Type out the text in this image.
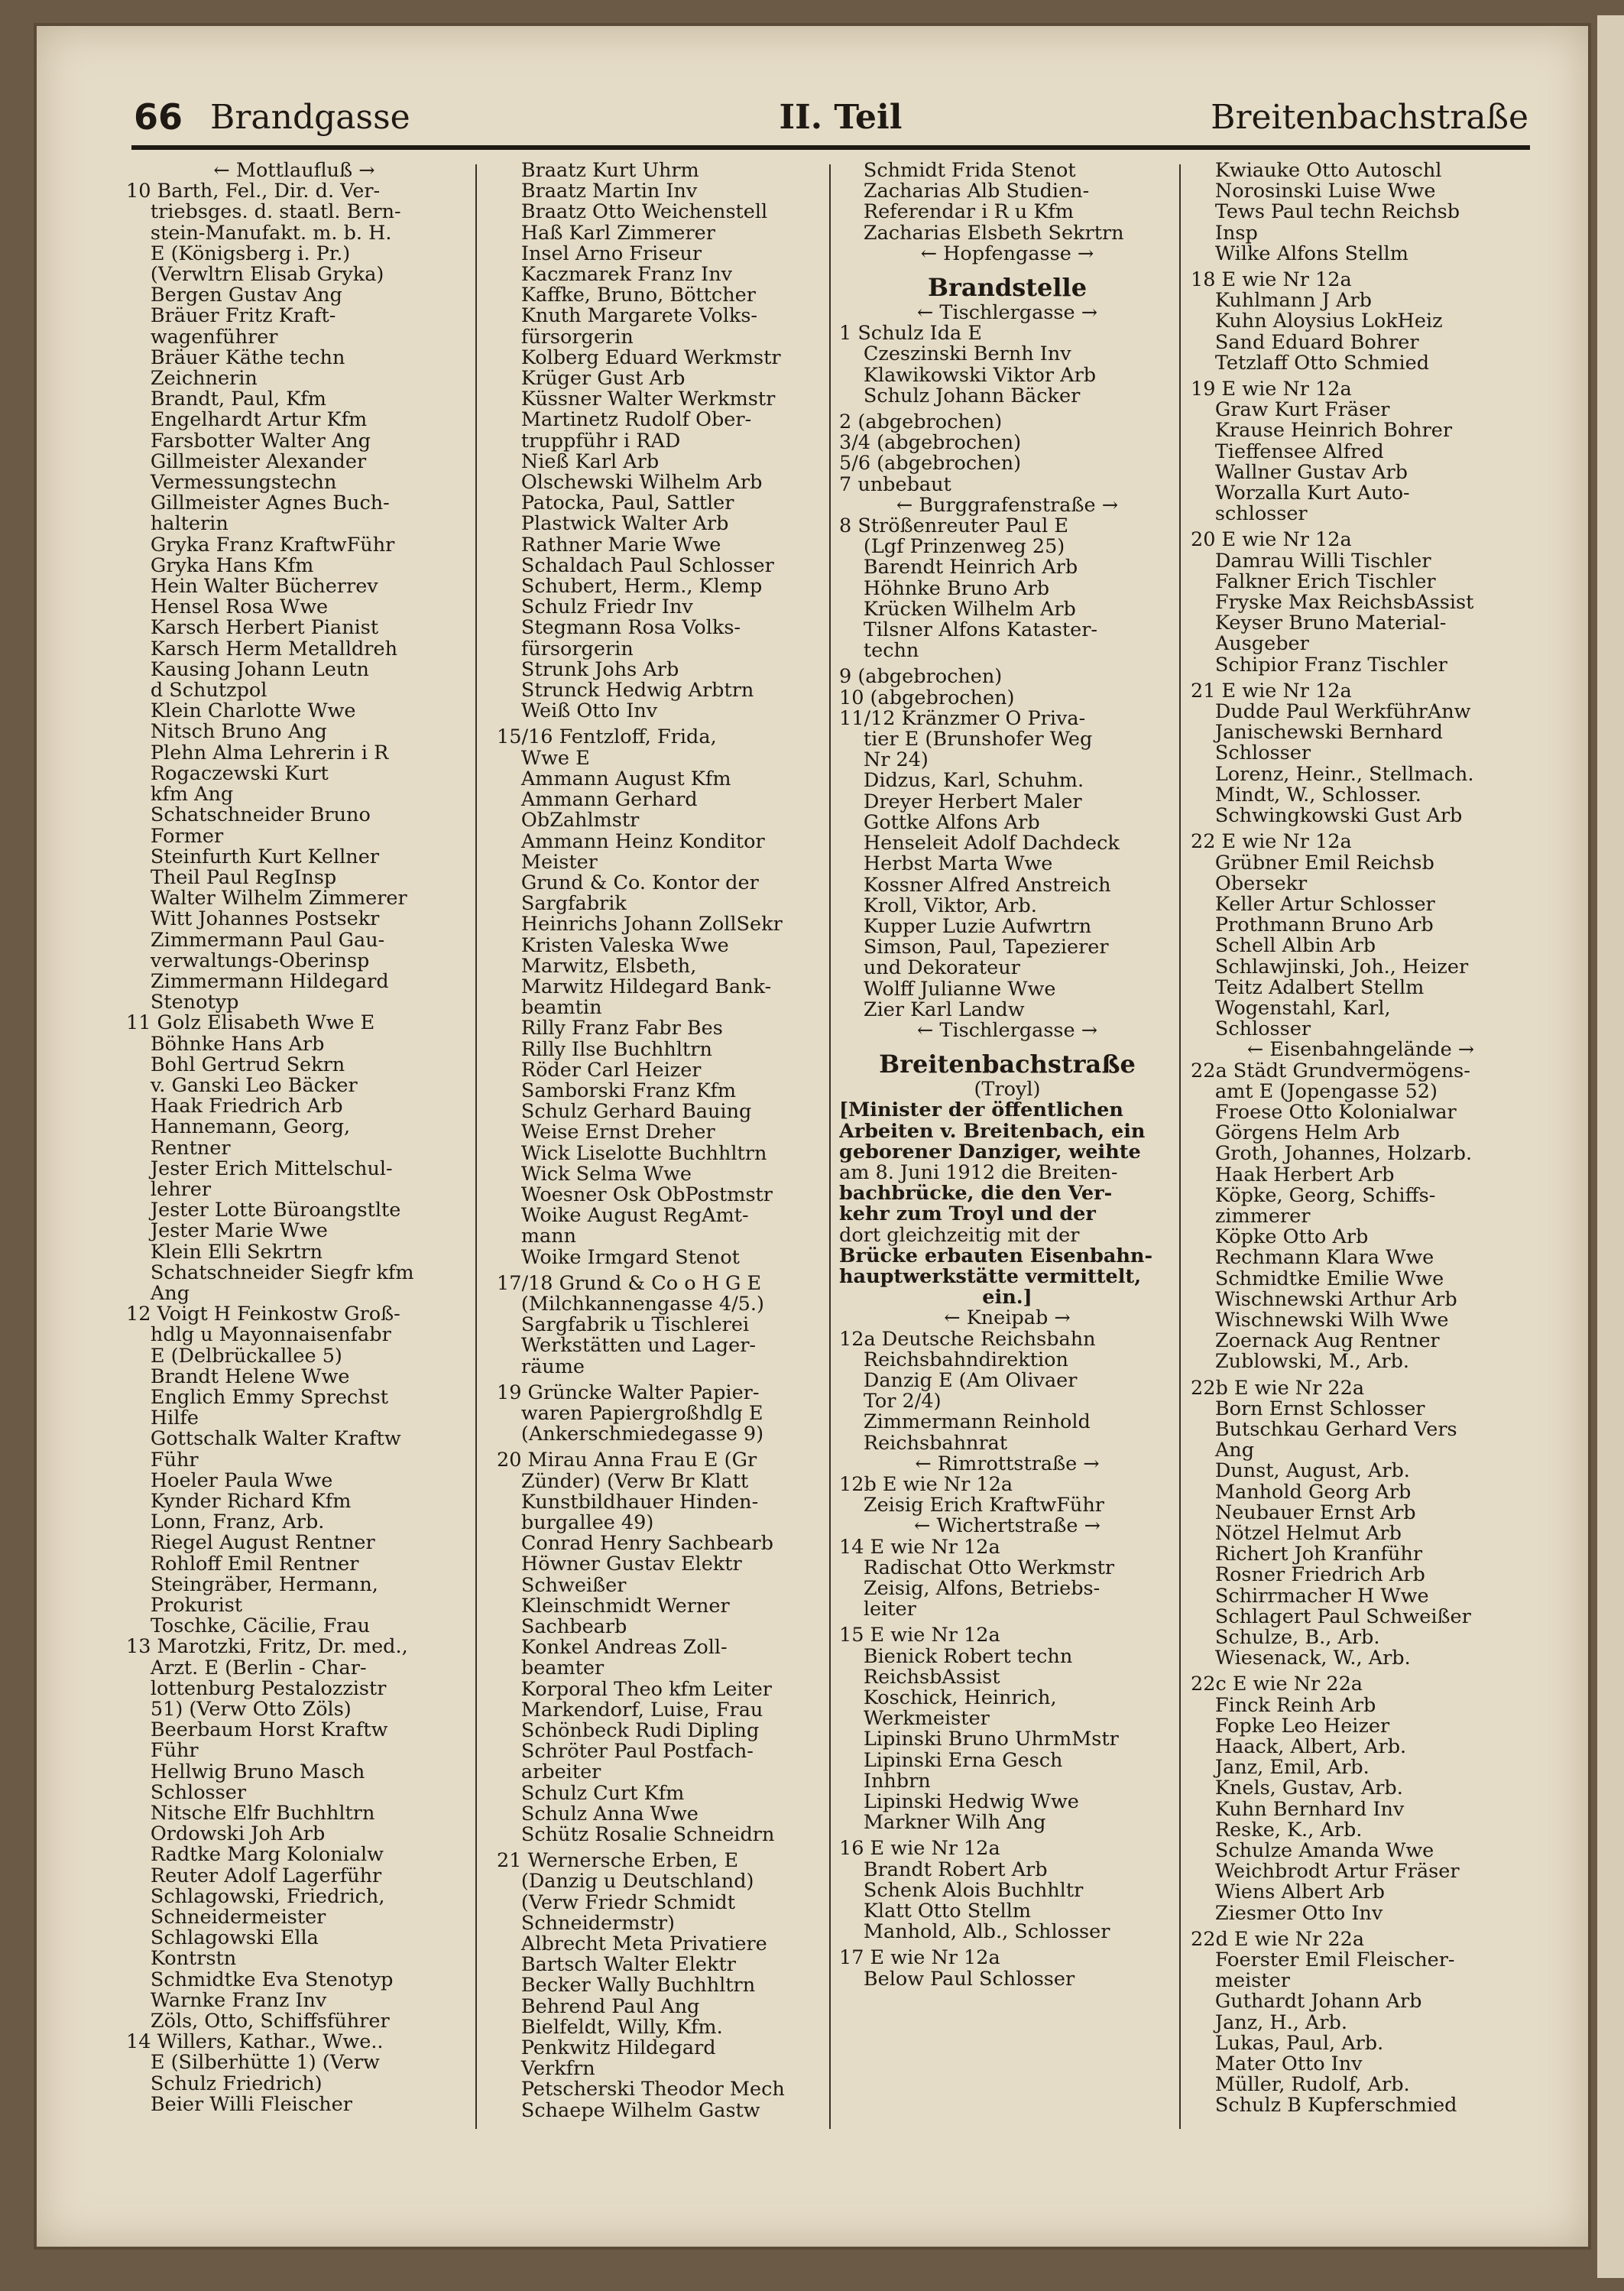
66 Brandgasse	II. Teil	Breitenbachstraße
← Mottlaufluß →
10 Barth, Fel., Dir. d. Ver-
triebsges. d. staatl. Bern-
stein-Manufakt. m. b. H.
E (Königsberg i. Pr.)
(Verwltrn Elisab Gryka)
Bergen Gustav Ang
Bräuer Fritz Kraft-
wagenführer
Bräuer Käthe techn
Zeichnerin
Brandt, Paul, Kfm
Engelhardt Artur Kfm
Farsbotter Walter Ang
Gillmeister Alexander
Vermessungstechn
Gillmeister Agnes Buch-
halterin
Gryka Franz KraftwFühr
Gryka Hans Kfm
Hein Walter Bücherrev
Hensel Rosa Wwe
Karsch Herbert Pianist
Karsch Herm Metalldreh
Kausing Johann Leutn
d Schutzpol
Klein Charlotte Wwe
Nitsch Bruno Ang
Plehn Alma Lehrerin i R
Rogaczewski Kurt
kfm Ang
Schatschneider Bruno
Former
Steinfurth Kurt Kellner
Theil Paul RegInsp
Walter Wilhelm Zimmerer
Witt Johannes Postsekr
Zimmermann Paul Gau-
verwaltungs-Oberinsp
Zimmermann Hildegard
Stenotyp
11 Golz Elisabeth Wwe E
Böhnke Hans Arb
Bohl Gertrud Sekrn
v. Ganski Leo Bäcker
Haak Friedrich Arb
Hannemann, Georg,
Rentner
Jester Erich Mittelschul-
lehrer
Jester Lotte Büroangstlte
Jester Marie Wwe
Klein Elli Sekrtrn
Schatschneider Siegfr kfm
Ang
12 Voigt H Feinkostw Groß-
hdlg u Mayonnaisenfabr
E (Delbrückallee 5)
Brandt Helene Wwe
Englich Emmy Sprechst
Hilfe
Gottschalk Walter Kraftw
Führ
Hoeler Paula Wwe
Kynder Richard Kfm
Lonn, Franz, Arb.
Riegel August Rentner
Rohloff Emil Rentner
Steingräber, Hermann,
Prokurist
Toschke, Cäcilie, Frau
13 Marotzki, Fritz, Dr. med.,
Arzt. E (Berlin - Char-
lottenburg Pestalozzistr
51) (Verw Otto Zöls)
Beerbaum Horst Kraftw
Führ
Hellwig Bruno Masch
Schlosser
Nitsche Elfr Buchhltrn
Ordowski Joh Arb
Radtke Marg Kolonialw
Reuter Adolf Lagerführ
Schlagowski, Friedrich,
Schneidermeister
Schlagowski Ella
Kontrstn
Schmidtke Eva Stenotyp
Warnke Franz Inv
Zöls, Otto, Schiffsführer
14 Willers, Kathar., Wwe..
E (Silberhütte 1) (Verw
Schulz Friedrich)
Beier Willi Fleischer
Braatz Kurt Uhrm
Braatz Martin Inv
Braatz Otto Weichenstell
Haß Karl Zimmerer
Insel Arno Friseur
Kaczmarek Franz Inv
Kaffke, Bruno, Böttcher
Knuth Margarete Volks-
fürsorgerin
Kolberg Eduard Werkmstr
Krüger Gust Arb
Küssner Walter Werkmstr
Martinetz Rudolf Ober-
truppführ i RAD
Nieß Karl Arb
Olschewski Wilhelm Arb
Patocka, Paul, Sattler
Plastwick Walter Arb
Rathner Marie Wwe
Schaldach Paul Schlosser
Schubert, Herm., Klemp
Schulz Friedr Inv
Stegmann Rosa Volks-
fürsorgerin
Strunk Johs Arb
Strunck Hedwig Arbtrn
Weiß Otto Inv
15/16 Fentzloff, Frida,
Wwe E
Ammann August Kfm
Ammann Gerhard
ObZahlmstr
Ammann Heinz Konditor
Meister
Grund & Co. Kontor der
Sargfabrik
Heinrichs Johann ZollSekr
Kristen Valeska Wwe
Marwitz, Elsbeth,
Marwitz Hildegard Bank-
beamtin
Rilly Franz Fabr Bes
Rilly Ilse Buchhltrn
Röder Carl Heizer
Samborski Franz Kfm
Schulz Gerhard Bauing
Weise Ernst Dreher
Wick Liselotte Buchhltrn
Wick Selma Wwe
Woesner Osk ObPostmstr
Woike August RegAmt-
mann
Woike Irmgard Stenot
17/18 Grund & Co o H G E
(Milchkannengasse 4/5.)
Sargfabrik u Tischlerei
Werkstätten und Lager-
räume
19 Grüncke Walter Papier-
waren Papiergroßhdlg E
(Ankerschmiedegasse 9)
20 Mirau Anna Frau E (Gr
Zünder) (Verw Br Klatt
Kunstbildhauer Hinden-
burgallee 49)
Conrad Henry Sachbearb
Höwner Gustav Elektr
Schweißer
Kleinschmidt Werner
Sachbearb
Konkel Andreas Zoll-
beamter
Korporal Theo kfm Leiter
Markendorf, Luise, Frau
Schönbeck Rudi Dipling
Schröter Paul Postfach-
arbeiter
Schulz Curt Kfm
Schulz Anna Wwe
Schütz Rosalie Schneidrn
21 Wernersche Erben, E
(Danzig u Deutschland)
(Verw Friedr Schmidt
Schneidermstr)
Albrecht Meta Privatiere
Bartsch Walter Elektr
Becker Wally Buchhltrn
Behrend Paul Ang
Bielfeldt, Willy, Kfm.
Penkwitz Hildegard
Verkfrn
Petscherski Theodor Mech
Schaepe Wilhelm Gastw
Schmidt Frida Stenot
Zacharias Alb Studien-
Referendar i R u Kfm
Zacharias Elsbeth Sekrtrn
← Hopfengasse →
Brandstelle
← Tischlergasse →
1 Schulz Ida E
Czeszinski Bernh Inv
Klawikowski Viktor Arb
Schulz Johann Bäcker
2 (abgebrochen)
3/4 (abgebrochen)
5/6 (abgebrochen)
7 unbebaut
← Burggrafenstraße →
8 Strößenreuter Paul E
(Lgf Prinzenweg 25)
Barendt Heinrich Arb
Höhnke Bruno Arb
Krücken Wilhelm Arb
Tilsner Alfons Kataster-
techn
9 (abgebrochen)
10 (abgebrochen)
11/12 Kränzmer O Priva-
tier E (Brunshofer Weg
Nr 24)
Didzus, Karl, Schuhm.
Dreyer Herbert Maler
Gottke Alfons Arb
Henseleit Adolf Dachdeck
Herbst Marta Wwe
Kossner Alfred Anstreich
Kroll, Viktor, Arb.
Kupper Luzie Aufwrtrn
Simson, Paul, Tapezierer
und Dekorateur
Wolff Julianne Wwe
Zier Karl Landw
← Tischlergasse →
Breitenbachstraße
(Troyl)
[Minister der öffentlichen
Arbeiten v. Breitenbach, ein
geborener Danziger, weihte
am 8. Juni 1912 die Breiten-
bachbrücke, die den Ver-
kehr zum Troyl und der
dort gleichzeitig mit der
Brücke erbauten Eisenbahn-
hauptwerkstätte vermittelt,
ein.]
← Kneipab →
12a Deutsche Reichsbahn
Reichsbahndirektion
Danzig E (Am Olivaer
Tor 2/4)
Zimmermann Reinhold
Reichsbahnrat
← Rimrottstraße →
12b E wie Nr 12a
Zeisig Erich KraftwFühr
← Wichertstraße →
14 E wie Nr 12a
Radischat Otto Werkmstr
Zeisig, Alfons, Betriebs-
leiter
15 E wie Nr 12a
Bienick Robert techn
ReichsbAssist
Koschick, Heinrich,
Werkmeister
Lipinski Bruno UhrmMstr
Lipinski Erna Gesch
Inhbrn
Lipinski Hedwig Wwe
Markner Wilh Ang
16 E wie Nr 12a
Brandt Robert Arb
Schenk Alois Buchhltr
Klatt Otto Stellm
Manhold, Alb., Schlosser
17 E wie Nr 12a
Below Paul Schlosser
Kwiauke Otto Autoschl
Norosinski Luise Wwe
Tews Paul techn Reichsb
Insp
Wilke Alfons Stellm
18 E wie Nr 12a
Kuhlmann J Arb
Kuhn Aloysius LokHeiz
Sand Eduard Bohrer
Tetzlaff Otto Schmied
19 E wie Nr 12a
Graw Kurt Fräser
Krause Heinrich Bohrer
Tieffensee Alfred
Wallner Gustav Arb
Worzalla Kurt Auto-
schlosser
20 E wie Nr 12a
Damrau Willi Tischler
Falkner Erich Tischler
Fryske Max ReichsbAssist
Keyser Bruno Material-
Ausgeber
Schipior Franz Tischler
21 E wie Nr 12a
Dudde Paul WerkführAnw
Janischewski Bernhard
Schlosser
Lorenz, Heinr., Stellmach.
Mindt, W., Schlosser.
Schwingkowski Gust Arb
22 E wie Nr 12a
Grübner Emil Reichsb
Obersekr
Keller Artur Schlosser
Prothmann Bruno Arb
Schell Albin Arb
Schlawjinski, Joh., Heizer
Teitz Adalbert Stellm
Wogenstahl, Karl,
Schlosser
← Eisenbahngelände →
22a Städt Grundvermögens-
amt E (Jopengasse 52)
Froese Otto Kolonialwar
Görgens Helm Arb
Groth, Johannes, Holzarb.
Haak Herbert Arb
Köpke, Georg, Schiffs-
zimmerer
Köpke Otto Arb
Rechmann Klara Wwe
Schmidtke Emilie Wwe
Wischnewski Arthur Arb
Wischnewski Wilh Wwe
Zoernack Aug Rentner
Zublowski, M., Arb.
22b E wie Nr 22a
Born Ernst Schlosser
Butschkau Gerhard Vers
Ang
Dunst, August, Arb.
Manhold Georg Arb
Neubauer Ernst Arb
Nötzel Helmut Arb
Richert Joh Kranführ
Rosner Friedrich Arb
Schirrmacher H Wwe
Schlagert Paul Schweißer
Schulze, B., Arb.
Wiesenack, W., Arb.
22c E wie Nr 22a
Finck Reinh Arb
Fopke Leo Heizer
Haack, Albert, Arb.
Janz, Emil, Arb.
Knels, Gustav, Arb.
Kuhn Bernhard Inv
Reske, K., Arb.
Schulze Amanda Wwe
Weichbrodt Artur Fräser
Wiens Albert Arb
Ziesmer Otto Inv
22d E wie Nr 22a
Foerster Emil Fleischer-
meister
Guthardt Johann Arb
Janz, H., Arb.
Lukas, Paul, Arb.
Mater Otto Inv
Müller, Rudolf, Arb.
Schulz B Kupferschmied
